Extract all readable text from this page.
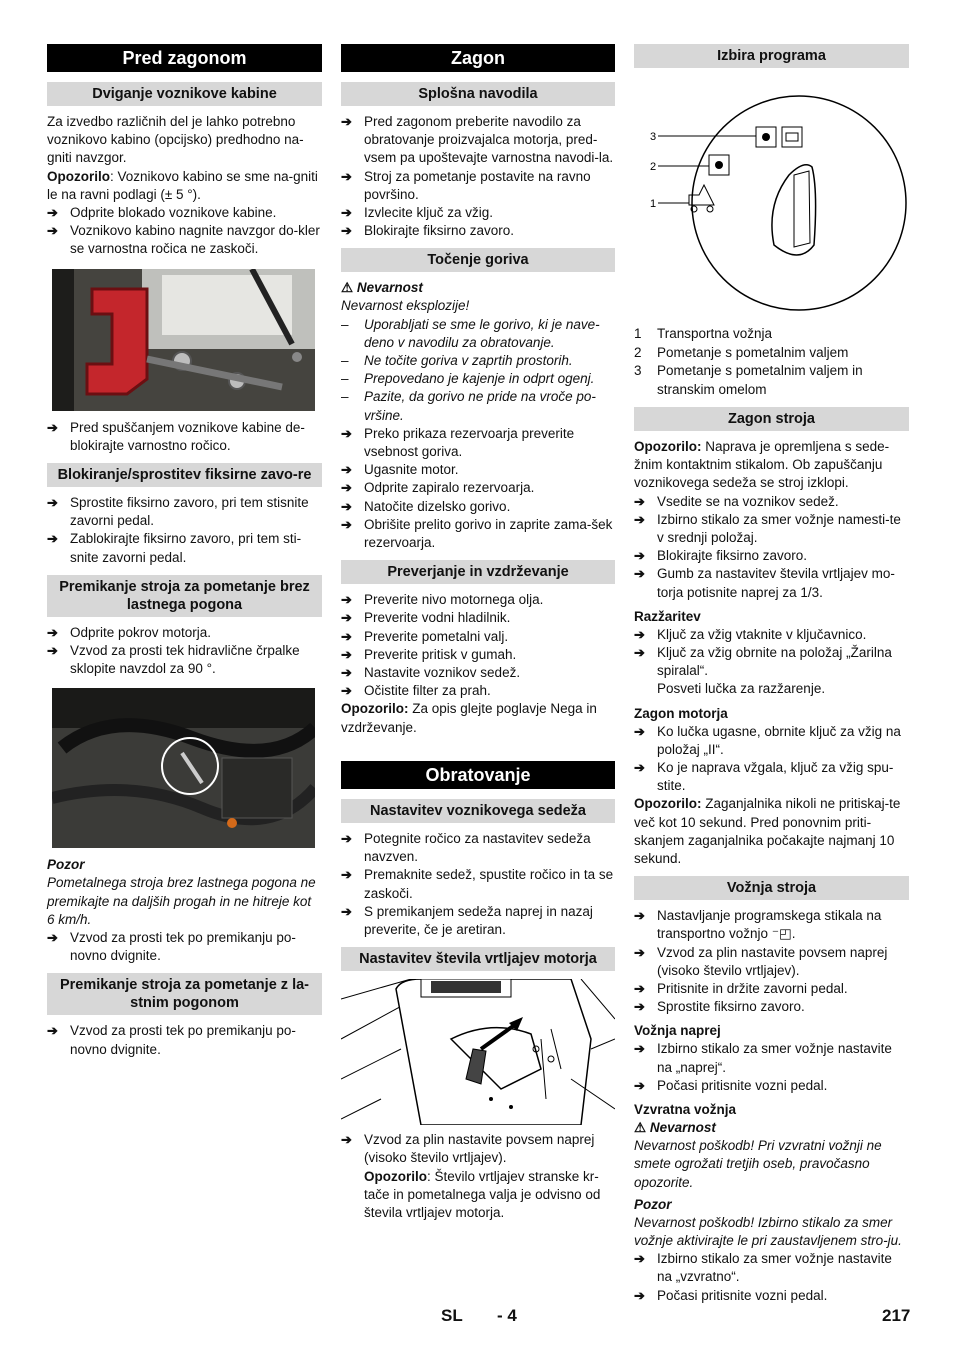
Pred zagonom
Dviganje voznikove kabine

Za izvedbo različnih del je lahko potrebno voznikovo kabino (opcijsko) predhodno na-gniti navzgor.

Opozorilo: Voznikovo kabino se sme na-gniti le na ravni podlagi (± 5 °).

➔ Odprite blokado voznikove kabine.
➔ Voznikovo kabino nagnite navzgor do-kler se varnostna ročica ne zaskoči.
➔ Pred spuščanjem voznikove kabine de-blokirajte varnostno ročico.
Blokiranje/sprostitev fiksirne zavo-re
➔ Sprostite fiksirno zavoro, pri tem stisnite zavorni pedal.
➔ Zablokirajte fiksirno zavoro, pri tem sti-snite zavorni pedal.
Premikanje stroja za pometanje brez lastnega pogona
➔ Odprite pokrov motorja.
➔ Vzvod za prosti tek hidravlične črpalke sklopite navzdol za 90 °.
Pozor

Pometalnega stroja brez lastnega pogona ne premikajte na daljših progah in ne hitreje kot 6 km/h.

➔ Vzvod za prosti tek po premikanju po-novno dvignite.
Premikanje stroja za pometanje z la-stnim pogonom
➔ Vzvod za prosti tek po premikanju po-novno dvignite.
Zagon
Splošna navodila
➔ Pred zagonom preberite navodilo za obratovanje proizvajalca motorja, pred-vsem pa upoštevajte varnostna navodi-la.
➔ Stroj za pometanje postavite na ravno površino.
➔ Izvlecite ključ za vžig.
➔ Blokirajte fiksirno zavoro.
Točenje goriva
⚠ Nevarnost

Nevarnost eksplozije!

– Uporabljati se sme le gorivo, ki je nave-deno v navodilu za obratovanje.
– Ne točite goriva v zaprtih prostorih.
– Prepovedano je kajenje in odprt ogenj.
– Pazite, da gorivo ne pride na vroče po-vršine.
➔ Preko prikaza rezervoarja preverite vsebnost goriva.
➔ Ugasnite motor.
➔ Odprite zapiralo rezervoarja.
➔ Natočite dizelsko gorivo.
➔ Obrišite prelito gorivo in zaprite zama-šek rezervoarja.
Preverjanje in vzdrževanje
➔ Preverite nivo motornega olja.
➔ Preverite vodni hladilnik.
➔ Preverite pometalni valj.
➔ Preverite pritisk v gumah.
➔ Nastavite voznikov sedež.
➔ Očistite filter za prah.

Opozorilo: Za opis glejte poglavje Nega in vzdrževanje.

Obratovanje
Nastavitev voznikovega sedeža
➔ Potegnite ročico za nastavitev sedeža navzven.
➔ Premaknite sedež, spustite ročico in ta se zaskoči.
➔ S premikanjem sedeža naprej in nazaj preverite, če je aretiran.
Nastavitev števila vrtljajev motorja
➔ Vzvod za plin nastavite povsem naprej (visoko število vrtljajev).

Opozorilo: Število vrtljajev stranske kr-tače in pometalnega valja je odvisno od števila vrtljajev motorja.

Izbira programa
3
2
1
1 Transportna vožnja
2 Pometanje s pometalnim valjem
3 Pometanje s pometalnim valjem in stranskim omelom
Zagon stroja

Opozorilo: Naprava je opremljena s sede-žnim kontaktnim stikalom. Ob zapuščanju voznikovega sedeža se stroj izklopi.

➔ Vsedite se na voznikov sedež.
➔ Izbirno stikalo za smer vožnje namesti-te v srednji položaj.
➔ Blokirajte fiksirno zavoro.
➔ Gumb za nastavitev števila vrtljajev mo-torja potisnite naprej za 1/3.
Razžaritev
➔ Ključ za vžig vtaknite v ključavnico.
➔ Ključ za vžig obrnite na položaj „Žarilna spiralal“.

Posveti lučka za razžarenje.

Zagon motorja
➔ Ko lučka ugasne, obrnite ključ za vžig na položaj „II“.
➔ Ko je naprava vžgala, ključ za vžig spu-stite.

Opozorilo: Zaganjalnika nikoli ne pritiskaj-te več kot 10 sekund. Pred ponovnim priti-skanjem zaganjalnika počakajte najmanj 10 sekund.

Vožnja stroja
➔ Nastavljanje programskega stikala na transportno vožnjo ⁻◰.
➔ Vzvod za plin nastavite povsem naprej (visoko število vrtljajev).
➔ Pritisnite in držite zavorni pedal.
➔ Sprostite fiksirno zavoro.
Vožnja naprej
➔ Izbirno stikalo za smer vožnje nastavite na „naprej“.
➔ Počasi pritisnite vozni pedal.
Vzvratna vožnja
⚠ Nevarnost

Nevarnost poškodb! Pri vzvratni vožnji ne smete ogrožati tretjih oseb, pravočasno opozorite.

Pozor

Nevarnost poškodb! Izbirno stikalo za smer vožnje aktivirajte le pri zaustavljenem stro-ju.

➔ Izbirno stikalo za smer vožnje nastavite na „vzvratno“.
➔ Počasi pritisnite vozni pedal.
SL - 4	217
